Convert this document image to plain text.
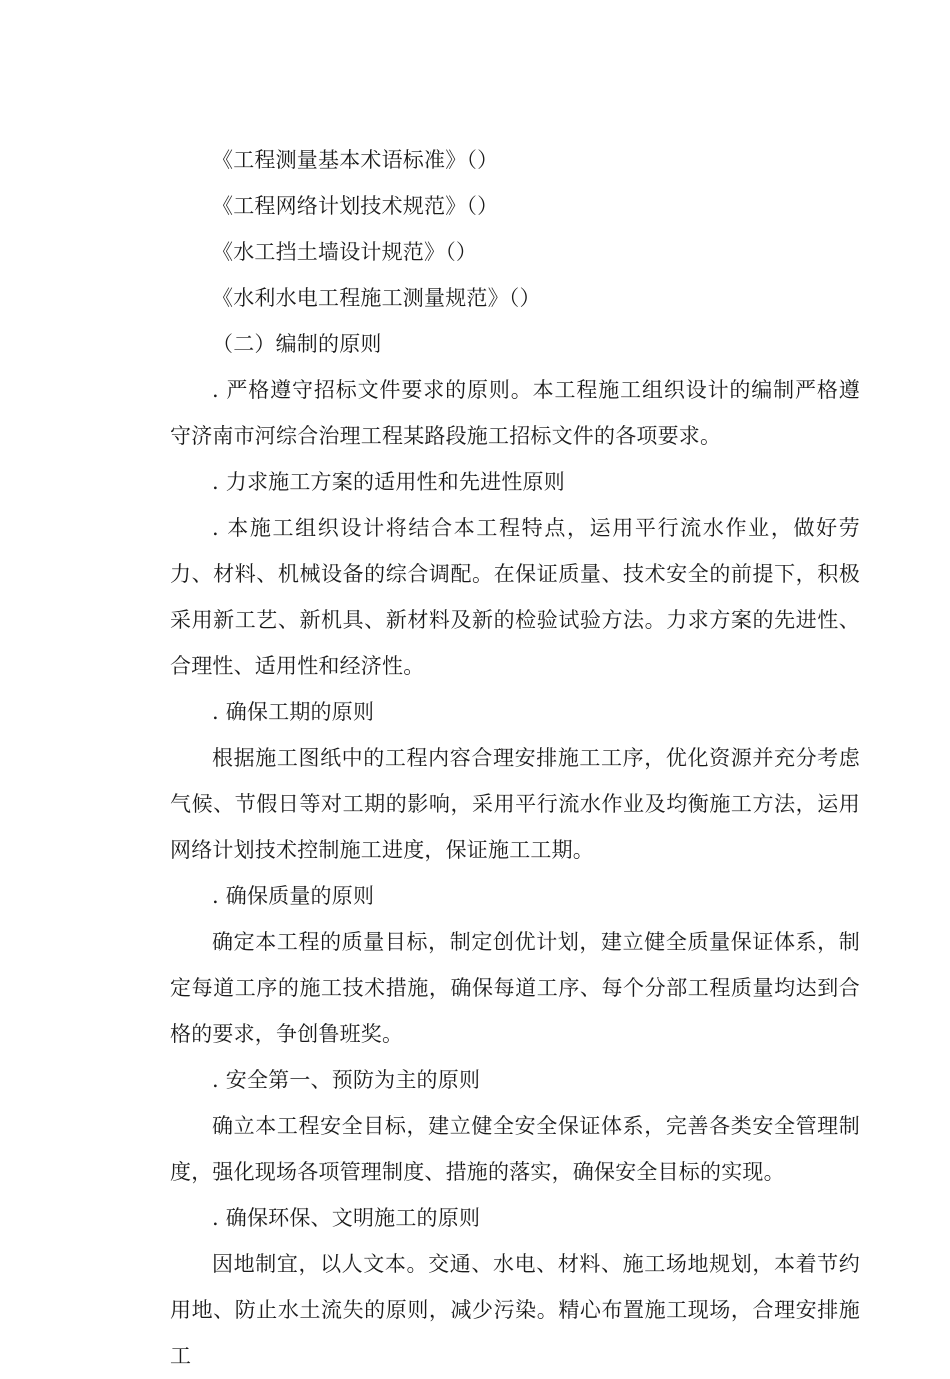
《工程测量基本术语标准》（）

《工程网络计划技术规范》（）

《水工挡土墙设计规范》（）

《水利水电工程施工测量规范》（）

（二）编制的原则

. 严格遵守招标文件要求的原则。本工程施工组织设计的编制严格遵守济南市河综合治理工程某路段施工招标文件的各项要求。

. 力求施工方案的适用性和先进性原则

. 本施工组织设计将结合本工程特点，运用平行流水作业，做好劳力、材料、机械设备的综合调配。在保证质量、技术安全的前提下，积极采用新工艺、新机具、新材料及新的检验试验方法。力求方案的先进性、合理性、适用性和经济性。

. 确保工期的原则

根据施工图纸中的工程内容合理安排施工工序，优化资源并充分考虑气候、节假日等对工期的影响，采用平行流水作业及均衡施工方法，运用网络计划技术控制施工进度，保证施工工期。

. 确保质量的原则

确定本工程的质量目标，制定创优计划，建立健全质量保证体系，制定每道工序的施工技术措施，确保每道工序、每个分部工程质量均达到合格的要求，争创鲁班奖。

. 安全第一、预防为主的原则

确立本工程安全目标，建立健全安全保证体系，完善各类安全管理制度，强化现场各项管理制度、措施的落实，确保安全目标的实现。

. 确保环保、文明施工的原则

因地制宜，以人文本。交通、水电、材料、施工场地规划，本着节约用地、防止水土流失的原则，减少污染。精心布置施工现场，合理安排施工
